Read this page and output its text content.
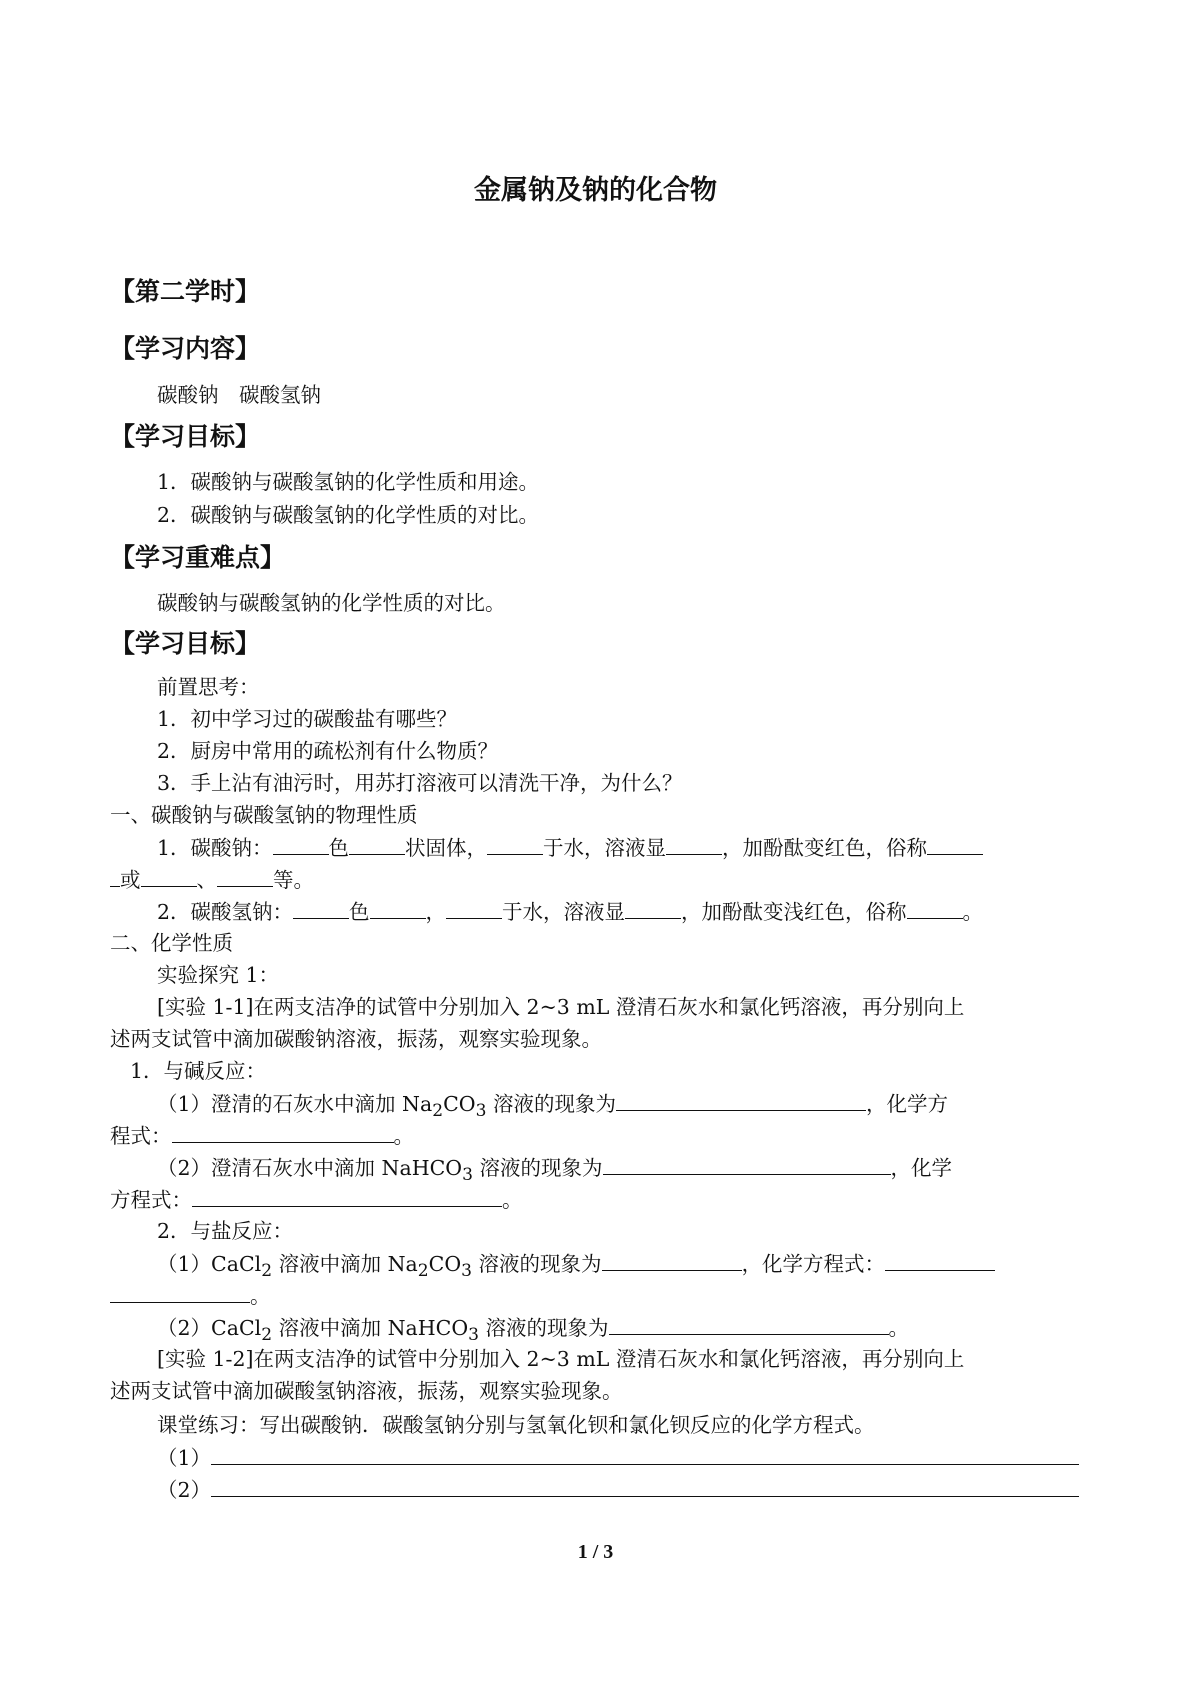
金属钠及钠的化合物
【第二学时】
【学习内容】
碳酸钠　碳酸氢钠
【学习目标】
1．碳酸钠与碳酸氢钠的化学性质和用途。
2．碳酸钠与碳酸氢钠的化学性质的对比。
【学习重难点】
碳酸钠与碳酸氢钠的化学性质的对比。
【学习目标】
前置思考：
1．初中学习过的碳酸盐有哪些？
2．厨房中常用的疏松剂有什么物质？
3．手上沾有油污时，用苏打溶液可以清洗干净，为什么？
一、碳酸钠与碳酸氢钠的物理性质
1．碳酸钠：	色	状固体，	于水，溶液显	，加酚酞变红色，俗称
或	、	等。
2．碳酸氢钠：	色	，	于水，溶液显	，加酚酞变浅红色，俗称	。
二、化学性质
实验探究 1：
[实验 1-1]在两支洁净的试管中分别加入 2~3 mL 澄清石灰水和氯化钙溶液，再分别向上
述两支试管中滴加碳酸钠溶液，振荡，观察实验现象。
1．与碱反应：
（1）澄清的石灰水中滴加 $Na_2CO_3$ 溶液的现象为	，化学方
程式：	。
（2）澄清石灰水中滴加 NaHCO$_3$ 溶液的现象为	，化学
方程式：	。
2．与盐反应：
（1）CaCl$_2$ 溶液中滴加 $Na_2CO_3$ 溶液的现象为	，化学方程式：
。
（2）CaCl$_2$ 溶液中滴加 NaHCO$_3$ 溶液的现象为	。
[实验 1-2]在两支洁净的试管中分别加入 2~3 mL 澄清石灰水和氯化钙溶液，再分别向上
述两支试管中滴加碳酸氢钠溶液，振荡，观察实验现象。
课堂练习：写出碳酸钠．碳酸氢钠分别与氢氧化钡和氯化钡反应的化学方程式。
（1）
（2）
1 / 3
